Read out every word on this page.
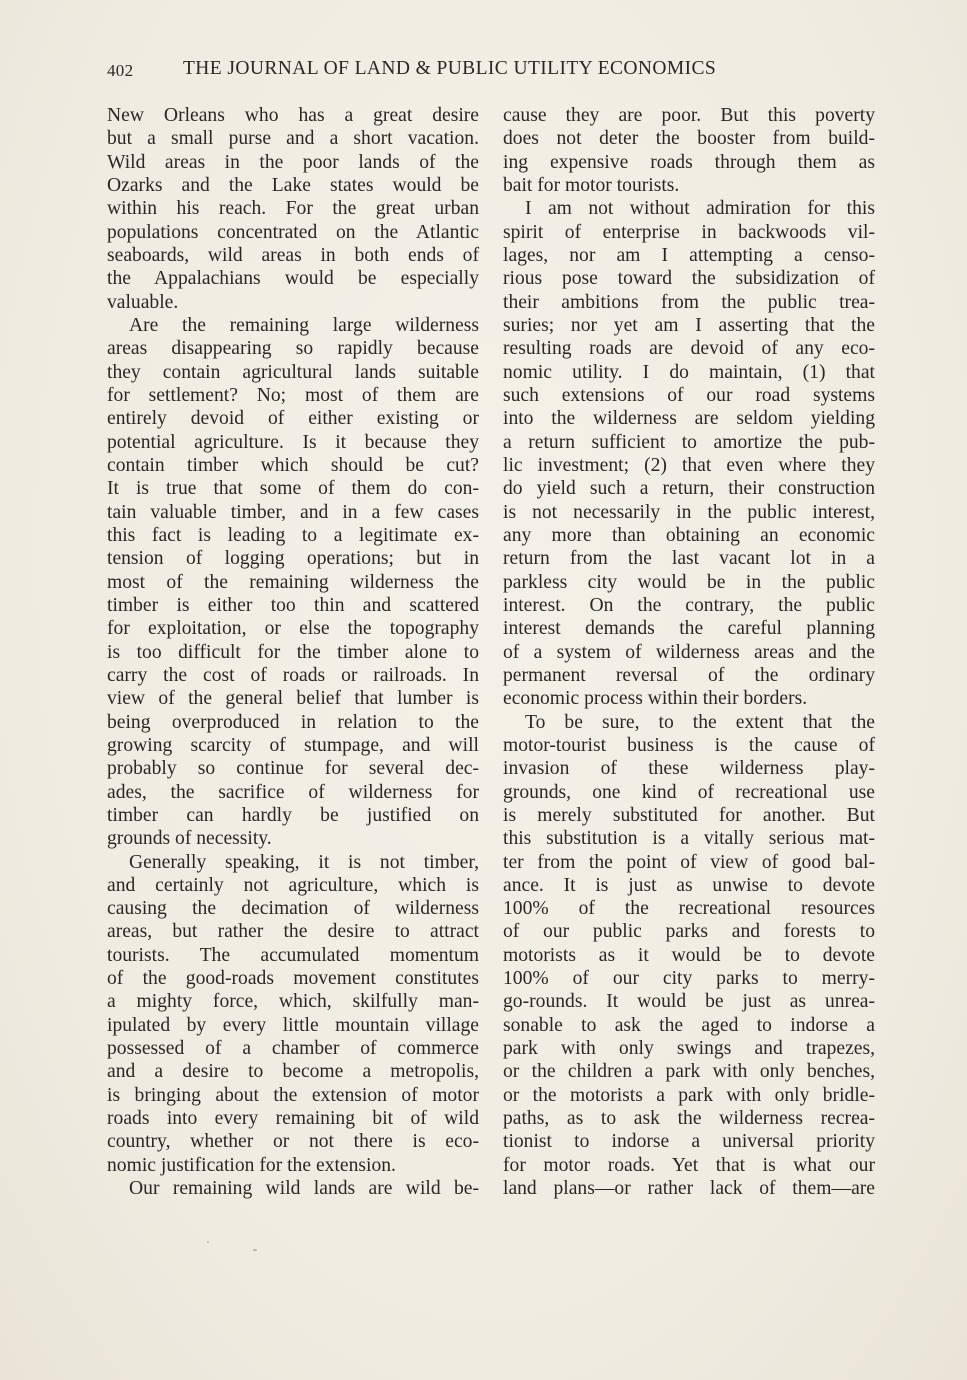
402	THE JOURNAL OF LAND & PUBLIC UTILITY ECONOMICS
New Orleans who has a great desire
but a small purse and a short vacation.
Wild areas in the poor lands of the
Ozarks and the Lake states would be
within his reach. For the great urban
populations concentrated on the Atlantic
seaboards, wild areas in both ends of
the Appalachians would be especially
valuable.
Are the remaining large wilderness
areas disappearing so rapidly because
they contain agricultural lands suitable
for settlement? No; most of them are
entirely devoid of either existing or
potential agriculture. Is it because they
contain timber which should be cut?
It is true that some of them do con-
tain valuable timber, and in a few cases
this fact is leading to a legitimate ex-
tension of logging operations; but in
most of the remaining wilderness the
timber is either too thin and scattered
for exploitation, or else the topography
is too difficult for the timber alone to
carry the cost of roads or railroads. In
view of the general belief that lumber is
being overproduced in relation to the
growing scarcity of stumpage, and will
probably so continue for several dec-
ades, the sacrifice of wilderness for
timber can hardly be justified on
grounds of necessity.
Generally speaking, it is not timber,
and certainly not agriculture, which is
causing the decimation of wilderness
areas, but rather the desire to attract
tourists. The accumulated momentum
of the good-roads movement constitutes
a mighty force, which, skilfully man-
ipulated by every little mountain village
possessed of a chamber of commerce
and a desire to become a metropolis,
is bringing about the extension of motor
roads into every remaining bit of wild
country, whether or not there is eco-
nomic justification for the extension.
Our remaining wild lands are wild be-
cause they are poor. But this poverty
does not deter the booster from build-
ing expensive roads through them as
bait for motor tourists.
I am not without admiration for this
spirit of enterprise in backwoods vil-
lages, nor am I attempting a censo-
rious pose toward the subsidization of
their ambitions from the public trea-
suries; nor yet am I asserting that the
resulting roads are devoid of any eco-
nomic utility. I do maintain, (1) that
such extensions of our road systems
into the wilderness are seldom yielding
a return sufficient to amortize the pub-
lic investment; (2) that even where they
do yield such a return, their construction
is not necessarily in the public interest,
any more than obtaining an economic
return from the last vacant lot in a
parkless city would be in the public
interest. On the contrary, the public
interest demands the careful planning
of a system of wilderness areas and the
permanent reversal of the ordinary
economic process within their borders.
To be sure, to the extent that the
motor-tourist business is the cause of
invasion of these wilderness play-
grounds, one kind of recreational use
is merely substituted for another. But
this substitution is a vitally serious mat-
ter from the point of view of good bal-
ance. It is just as unwise to devote
100% of the recreational resources
of our public parks and forests to
motorists as it would be to devote
100% of our city parks to merry-
go-rounds. It would be just as unrea-
sonable to ask the aged to indorse a
park with only swings and trapezes,
or the children a park with only benches,
or the motorists a park with only bridle-
paths, as to ask the wilderness recrea-
tionist to indorse a universal priority
for motor roads. Yet that is what our
land plans—or rather lack of them—are
